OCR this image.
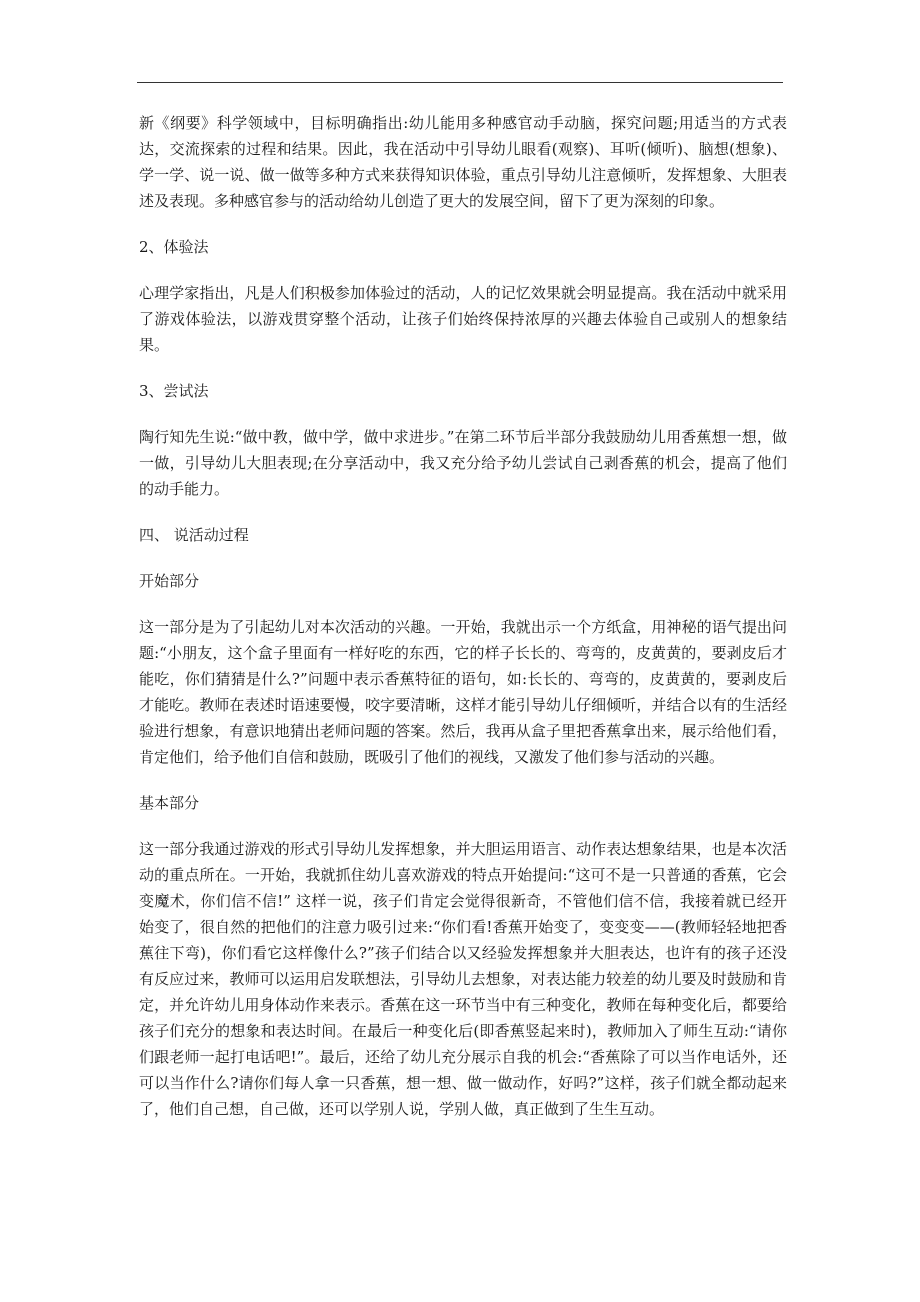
新《纲要》科学领域中，目标明确指出:幼儿能用多种感官动手动脑，探究问题;用适当的方式表达，交流探索的过程和结果。因此，我在活动中引导幼儿眼看(观察)、耳听(倾听)、脑想(想象)、学一学、说一说、做一做等多种方式来获得知识体验，重点引导幼儿注意倾听，发挥想象、大胆表述及表现。多种感官参与的活动给幼儿创造了更大的发展空间，留下了更为深刻的印象。

2、体验法

心理学家指出，凡是人们积极参加体验过的活动，人的记忆效果就会明显提高。我在活动中就采用了游戏体验法，以游戏贯穿整个活动，让孩子们始终保持浓厚的兴趣去体验自己或别人的想象结果。

3、尝试法

陶行知先生说:“做中教，做中学，做中求进步。”在第二环节后半部分我鼓励幼儿用香蕉想一想，做一做，引导幼儿大胆表现;在分享活动中，我又充分给予幼儿尝试自己剥香蕉的机会，提高了他们的动手能力。

四、 说活动过程

开始部分

这一部分是为了引起幼儿对本次活动的兴趣。一开始，我就出示一个方纸盒，用神秘的语气提出问题:“小朋友，这个盒子里面有一样好吃的东西，它的样子长长的、弯弯的，皮黄黄的，要剥皮后才能吃，你们猜猜是什么?”问题中表示香蕉特征的语句，如:长长的、弯弯的，皮黄黄的，要剥皮后才能吃。教师在表述时语速要慢，咬字要清晰，这样才能引导幼儿仔细倾听，并结合以有的生活经验进行想象，有意识地猜出老师问题的答案。然后，我再从盒子里把香蕉拿出来，展示给他们看，肯定他们，给予他们自信和鼓励，既吸引了他们的视线，又激发了他们参与活动的兴趣。

基本部分

这一部分我通过游戏的形式引导幼儿发挥想象，并大胆运用语言、动作表达想象结果，也是本次活动的重点所在。一开始，我就抓住幼儿喜欢游戏的特点开始提问:“这可不是一只普通的香蕉，它会变魔术，你们信不信!” 这样一说，孩子们肯定会觉得很新奇，不管他们信不信，我接着就已经开始变了，很自然的把他们的注意力吸引过来:“你们看!香蕉开始变了，变变变——(教师轻轻地把香蕉往下弯)，你们看它这样像什么?”孩子们结合以又经验发挥想象并大胆表达，也许有的孩子还没有反应过来，教师可以运用启发联想法，引导幼儿去想象，对表达能力较差的幼儿要及时鼓励和肯定，并允许幼儿用身体动作来表示。香蕉在这一环节当中有三种变化，教师在每种变化后，都要给孩子们充分的想象和表达时间。在最后一种变化后(即香蕉竖起来时)，教师加入了师生互动:“请你们跟老师一起打电话吧!”。最后，还给了幼儿充分展示自我的机会:“香蕉除了可以当作电话外，还可以当作什么?请你们每人拿一只香蕉，想一想、做一做动作，好吗?”这样，孩子们就全都动起来了，他们自己想，自己做，还可以学别人说，学别人做，真正做到了生生互动。
